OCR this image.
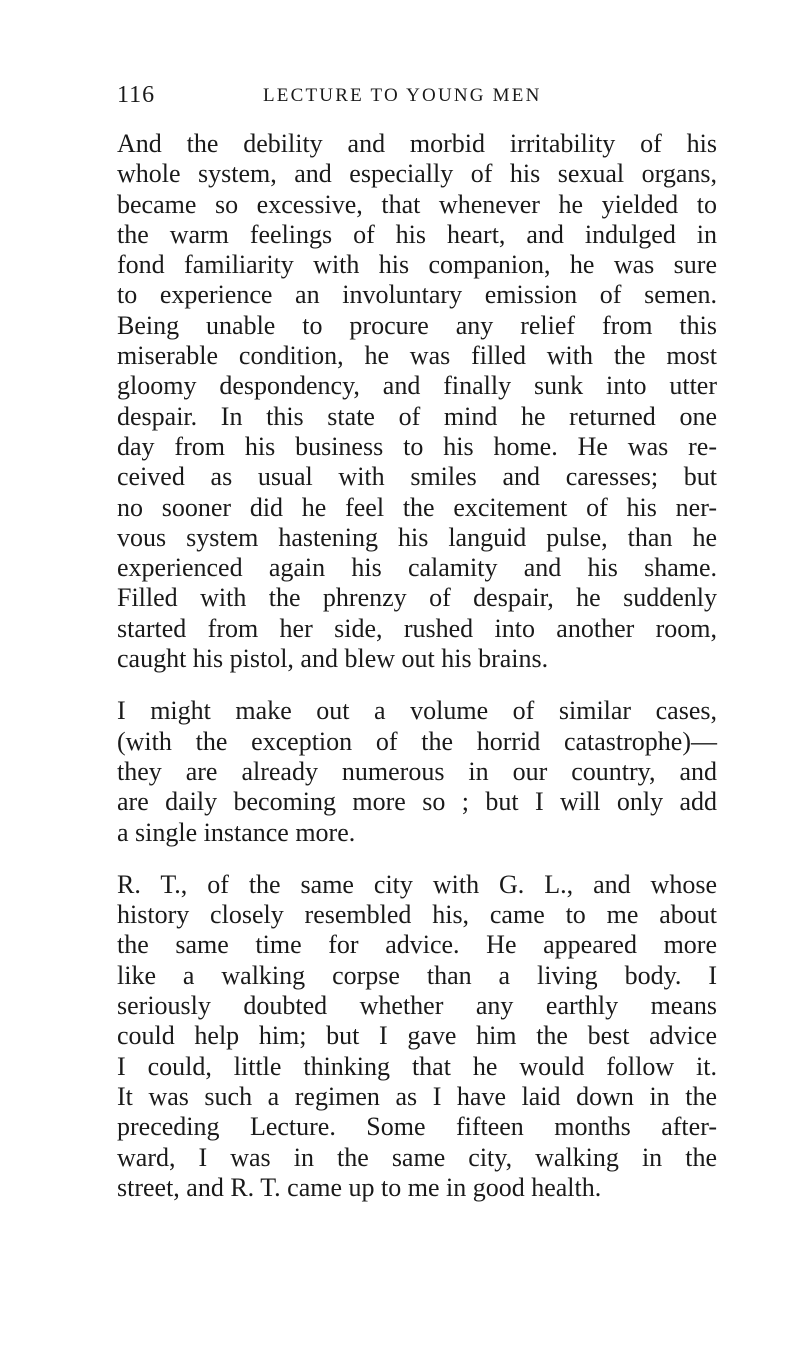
116	LECTURE TO YOUNG MEN
And the debility and morbid irritability of his
whole system, and especially of his sexual organs,
became so excessive, that whenever he yielded to
the warm feelings of his heart, and indulged in
fond familiarity with his companion, he was sure
to experience an involuntary emission of semen.
Being unable to procure any relief from this
miserable condition, he was filled with the most
gloomy despondency, and finally sunk into utter
despair. In this state of mind he returned one
day from his business to his home. He was re-
ceived as usual with smiles and caresses; but
no sooner did he feel the excitement of his ner-
vous system hastening his languid pulse, than he
experienced again his calamity and his shame.
Filled with the phrenzy of despair, he suddenly
started from her side, rushed into another room,
caught his pistol, and blew out his brains.
I might make out a volume of similar cases,
(with the exception of the horrid catastrophe)—
they are already numerous in our country, and
are daily becoming more so ; but I will only add
a single instance more.
R. T., of the same city with G. L., and whose
history closely resembled his, came to me about
the same time for advice. He appeared more
like a walking corpse than a living body. I
seriously doubted whether any earthly means
could help him; but I gave him the best advice
I could, little thinking that he would follow it.
It was such a regimen as I have laid down in the
preceding Lecture. Some fifteen months after-
ward, I was in the same city, walking in the
street, and R. T. came up to me in good health.
